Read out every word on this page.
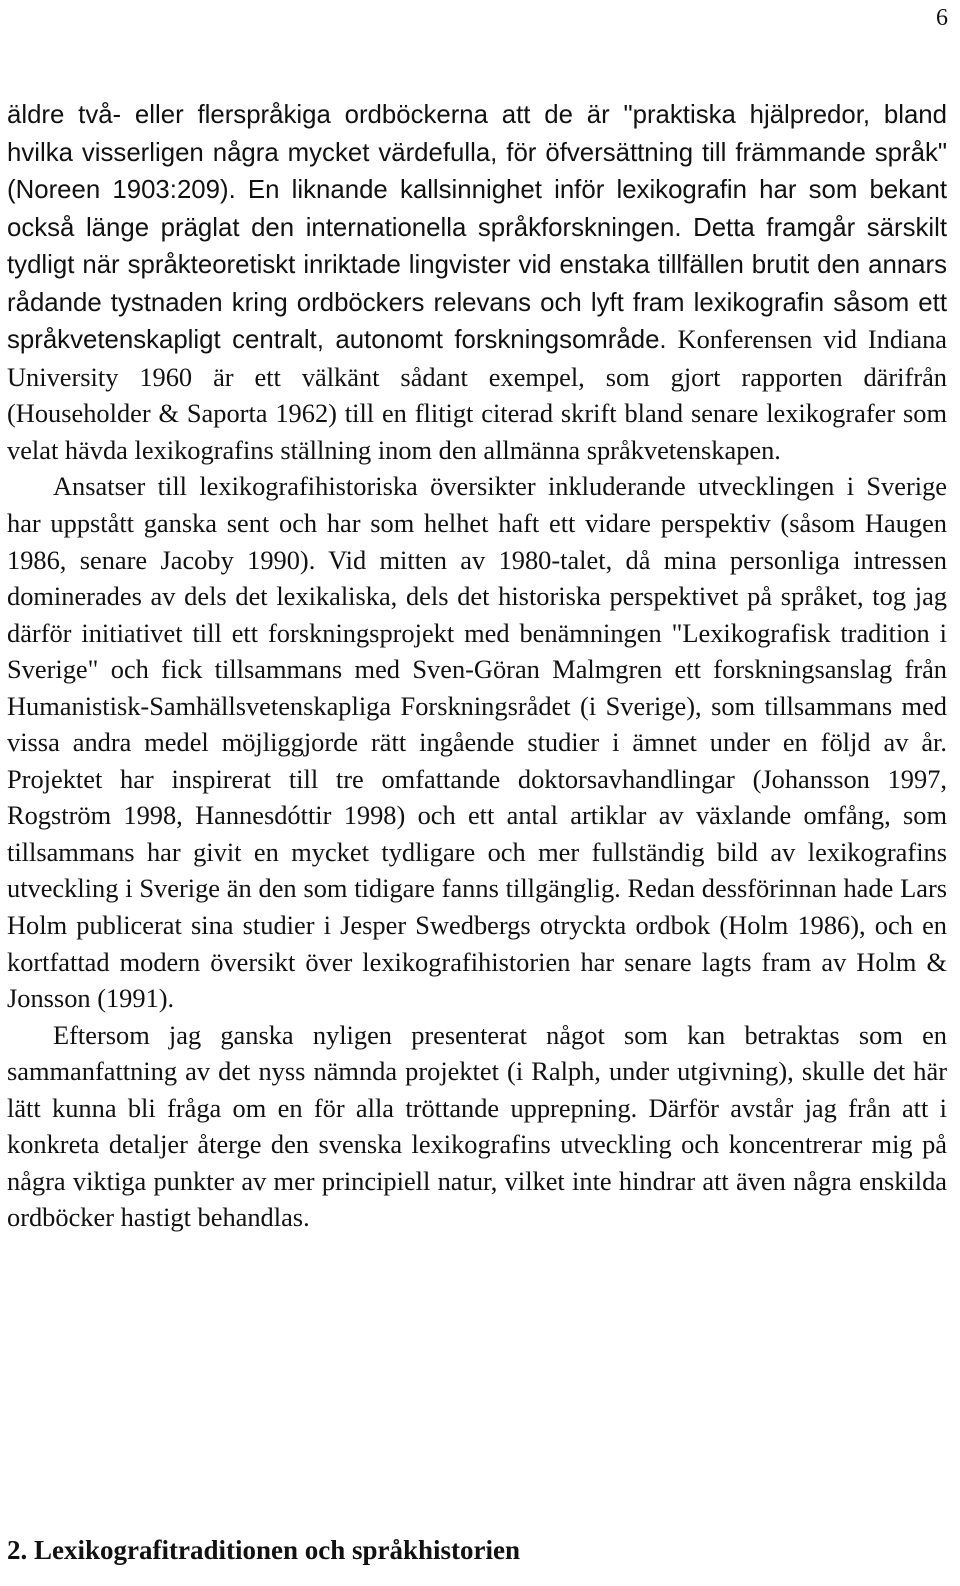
6

äldre två- eller flerspråkiga ordböckerna att de är "praktiska hjälpredor, bland hvilka visserligen några mycket värdefulla, för öfversättning till främmande språk" (Noreen 1903:209). En liknande kallsinnighet inför lexikografin har som bekant också länge präglat den internationella språkforskningen. Detta framgår särskilt tydligt när språkteoretiskt inriktade lingvister vid enstaka tillfällen brutit den annars rådande tystnaden kring ordböckers relevans och lyft fram lexikografin såsom ett språkvetenskapligt centralt, autonomt forskningsområde. Konferensen vid Indiana University 1960 är ett välkänt sådant exempel, som gjort rapporten därifrån (Householder & Saporta 1962) till en flitigt citerad skrift bland senare lexikografer som velat hävda lexikografins ställning inom den allmänna språkvetenskapen.

Ansatser till lexikografihistoriska översikter inkluderande utvecklingen i Sverige har uppstått ganska sent och har som helhet haft ett vidare perspektiv (såsom Haugen 1986, senare Jacoby 1990). Vid mitten av 1980-talet, då mina personliga intressen dominerades av dels det lexikaliska, dels det historiska perspektivet på språket, tog jag därför initiativet till ett forskningsprojekt med benämningen "Lexikografisk tradition i Sverige" och fick tillsammans med Sven-Göran Malmgren ett forskningsanslag från Humanistisk-Samhällsvetenskapliga Forskningsrådet (i Sverige), som tillsammans med vissa andra medel möjliggjorde rätt ingående studier i ämnet under en följd av år. Projektet har inspirerat till tre omfattande doktorsavhandlingar (Johansson 1997, Rogström 1998, Hannesdóttir 1998) och ett antal artiklar av växlande omfång, som tillsammans har givit en mycket tydligare och mer fullständig bild av lexikografins utveckling i Sverige än den som tidigare fanns tillgänglig. Redan dessförinnan hade Lars Holm publicerat sina studier i Jesper Swedbergs otryckta ordbok (Holm 1986), och en kortfattad modern översikt över lexikografihistorien har senare lagts fram av Holm & Jonsson (1991).

Eftersom jag ganska nyligen presenterat något som kan betraktas som en sammanfattning av det nyss nämnda projektet (i Ralph, under utgivning), skulle det här lätt kunna bli fråga om en för alla tröttande upprepning. Därför avstår jag från att i konkreta detaljer återge den svenska lexikografins utveckling och koncentrerar mig på några viktiga punkter av mer principiell natur, vilket inte hindrar att även några enskilda ordböcker hastigt behandlas.

2. Lexikografitraditionen och språkhistorien
